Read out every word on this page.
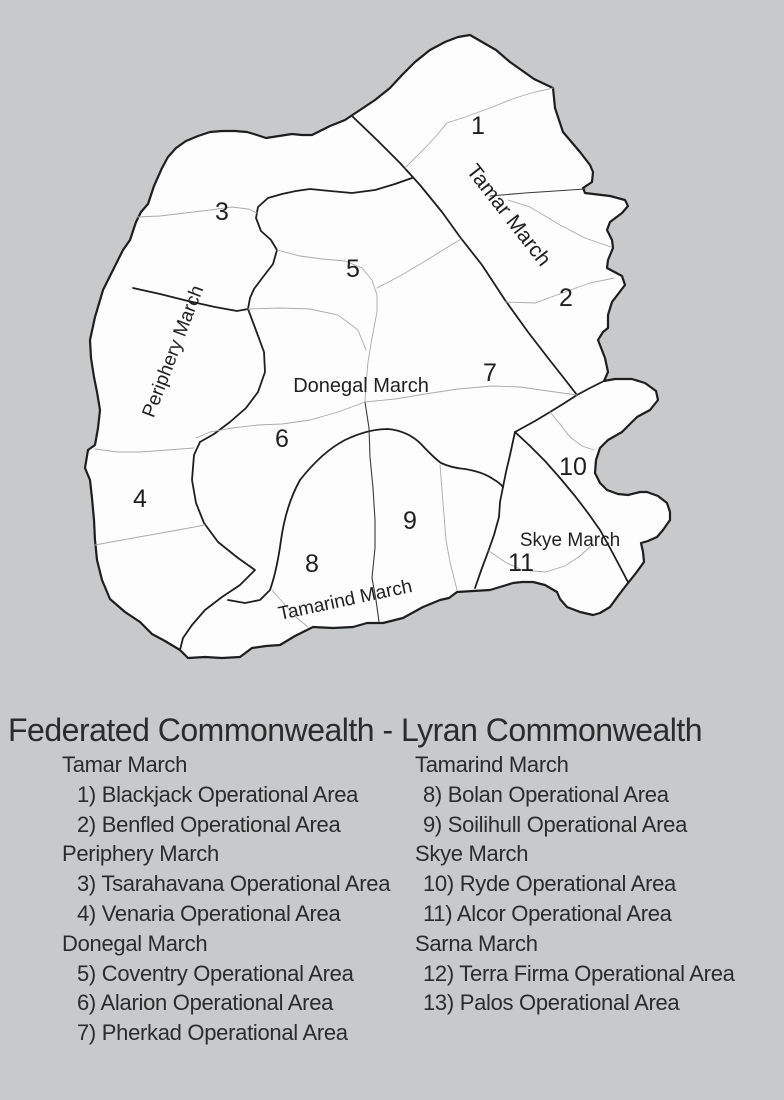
Tamar March
Periphery March	Donegal March
Tamarind March
Skye March
1
2
3
4
5
6
7
8
9
10
11
Federated Commonwealth - Lyran Commonwealth
Tamar March
1) Blackjack Operational Area
2) Benfled Operational Area
Periphery March
3) Tsarahavana Operational Area
4) Venaria Operational Area
Donegal March
5) Coventry Operational Area
6) Alarion Operational Area
7) Pherkad Operational Area
Tamarind March
8) Bolan Operational Area
9) Soilihull Operational Area
Skye March
10) Ryde Operational Area
11) Alcor Operational Area
Sarna March
12) Terra Firma Operational Area
13) Palos Operational Area
